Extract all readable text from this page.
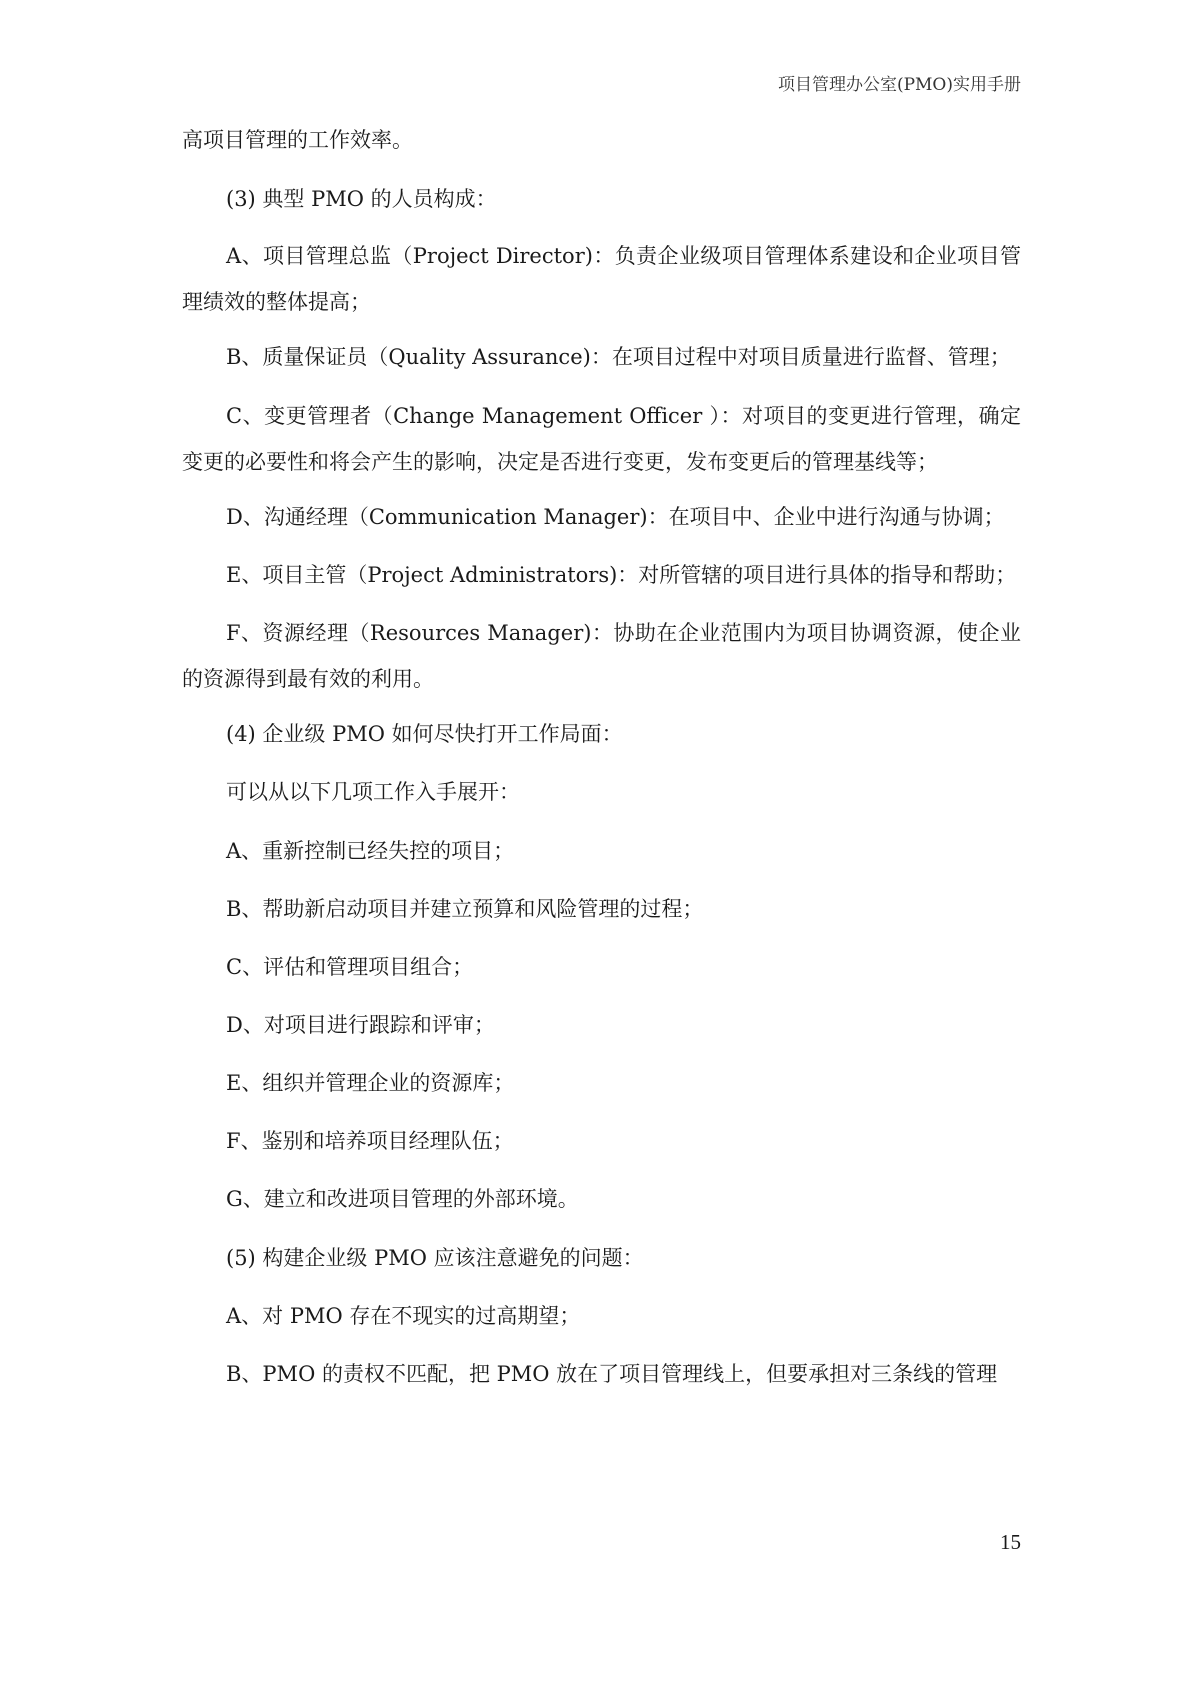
项目管理办公室(PMO)实用手册
高项目管理的工作效率。
(3) 典型 PMO 的人员构成：
A、项目管理总监（Project Director)：负责企业级项目管理体系建设和企业项目管理绩效的整体提高；
B、质量保证员（Quality Assurance)：在项目过程中对项目质量进行监督、管理；
C、变更管理者（Change Management Officer ）：对项目的变更进行管理，确定变更的必要性和将会产生的影响，决定是否进行变更，发布变更后的管理基线等；
D、沟通经理（Communication Manager)：在项目中、企业中进行沟通与协调；
E、项目主管（Project Administrators)：对所管辖的项目进行具体的指导和帮助；
F、资源经理（Resources Manager)：协助在企业范围内为项目协调资源，使企业的资源得到最有效的利用。
(4) 企业级 PMO 如何尽快打开工作局面：
可以从以下几项工作入手展开：
A、重新控制已经失控的项目；
B、帮助新启动项目并建立预算和风险管理的过程；
C、评估和管理项目组合；
D、对项目进行跟踪和评审；
E、组织并管理企业的资源库；
F、鉴别和培养项目经理队伍；
G、建立和改进项目管理的外部环境。
(5) 构建企业级 PMO 应该注意避免的问题：
A、对 PMO 存在不现实的过高期望；
B、PMO 的责权不匹配，把 PMO 放在了项目管理线上，但要承担对三条线的管理
15
